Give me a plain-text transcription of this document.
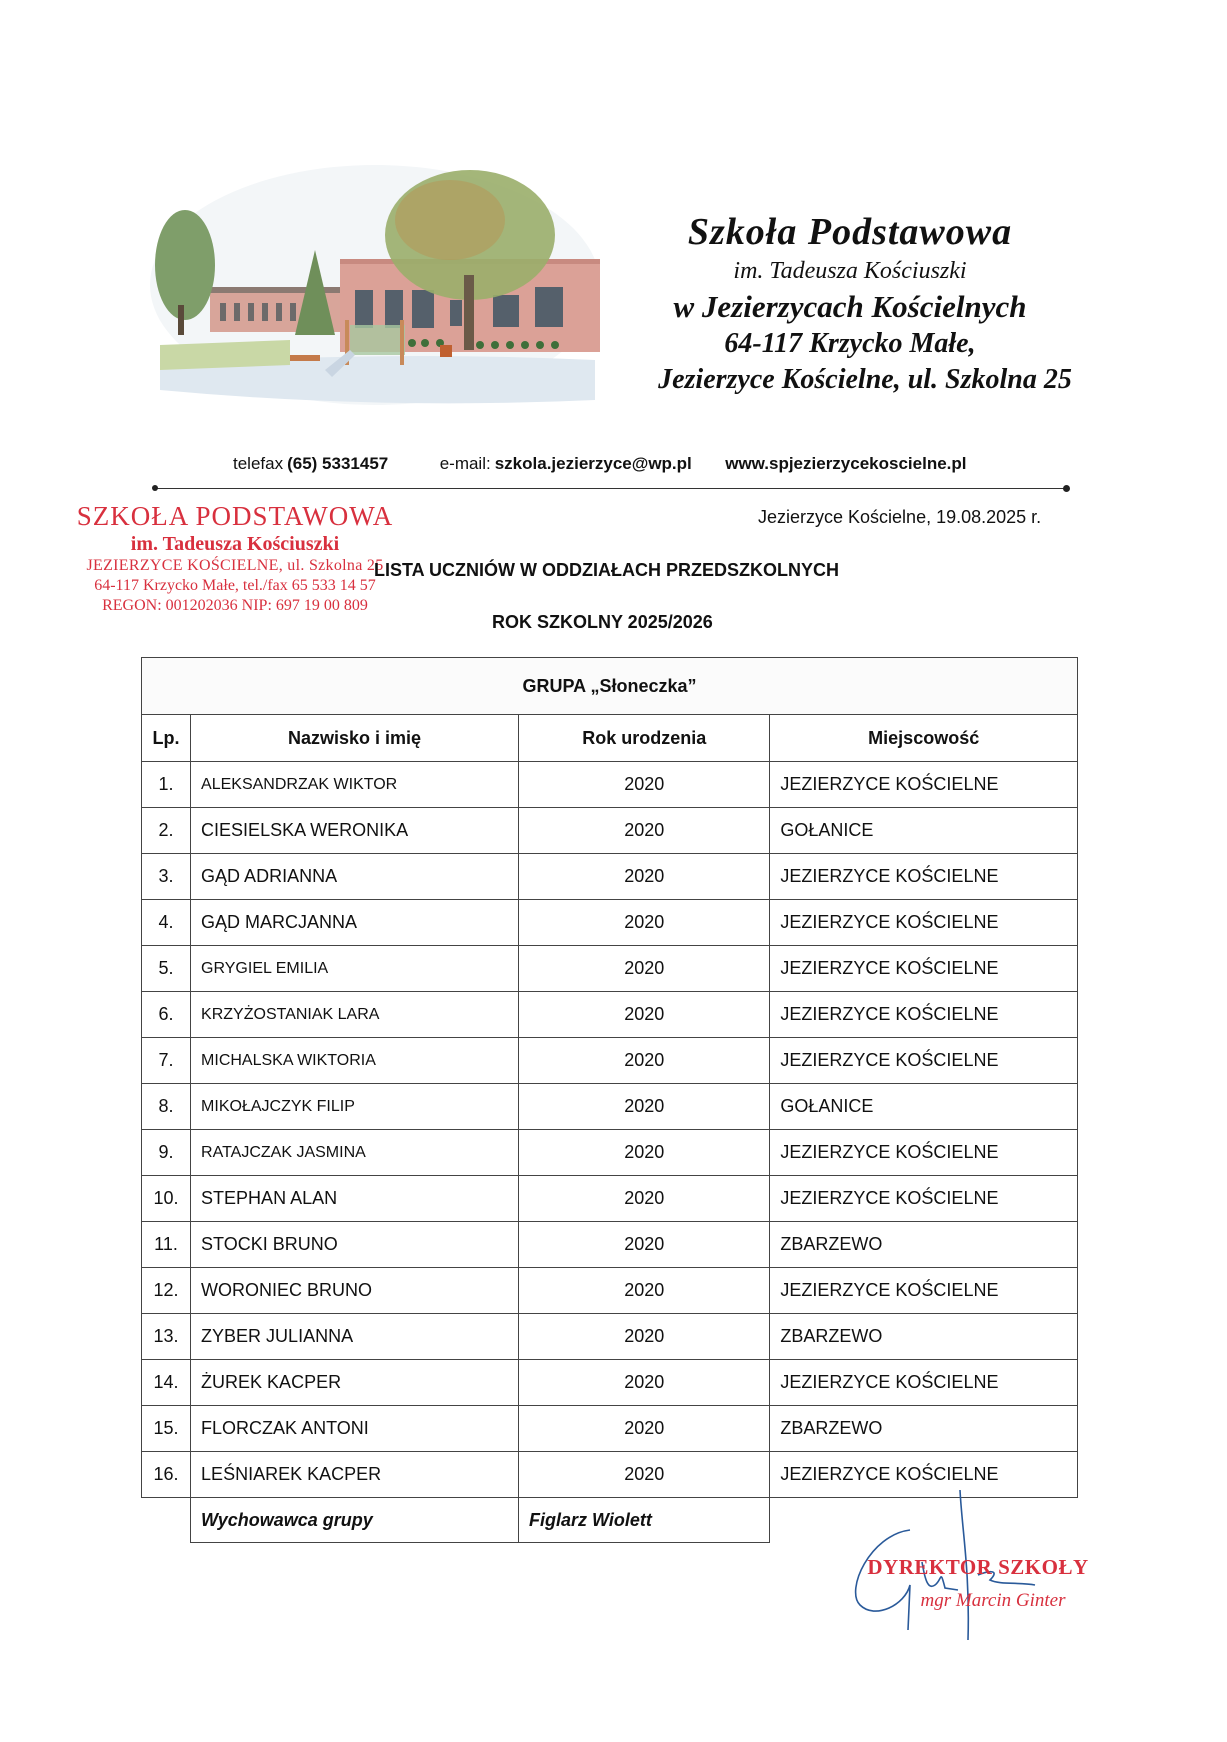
Szkoła Podstawowa
im. Tadeusza Kościuszki
w Jezierzycach Kościelnych
64-117 Krzycko Małe,
Jezierzyce Kościelne, ul. Szkolna 25
telefax (65) 5331457	e-mail: szkola.jezierzyce@wp.pl www.spjezierzycekoscielne.pl
SZKOŁA PODSTAWOWA
im. Tadeusza Kościuszki
JEZIERZYCE KOŚCIELNE, ul. Szkolna 25
64-117 Krzycko Małe, tel./fax 65 533 14 57
REGON: 001202036 NIP: 697 19 00 809
Jezierzyce Kościelne, 19.08.2025 r.
LISTA UCZNIÓW W ODDZIAŁACH PRZEDSZKOLNYCH
ROK SZKOLNY 2025/2026
GRUPA „Słoneczka”			
Lp.	Nazwisko i imię	Rok urodzenia	Miejscowość
1.	ALEKSANDRZAK WIKTOR	2020	JEZIERZYCE KOŚCIELNE
2.	CIESIELSKA WERONIKA	2020	GOŁANICE
3.	GĄD ADRIANNA	2020	JEZIERZYCE KOŚCIELNE
4.	GĄD MARCJANNA	2020	JEZIERZYCE KOŚCIELNE
5.	GRYGIEL EMILIA	2020	JEZIERZYCE KOŚCIELNE
6.	KRZYŻOSTANIAK LARA	2020	JEZIERZYCE KOŚCIELNE
7.	MICHALSKA WIKTORIA	2020	JEZIERZYCE KOŚCIELNE
8.	MIKOŁAJCZYK FILIP	2020	GOŁANICE
9.	RATAJCZAK JASMINA	2020	JEZIERZYCE KOŚCIELNE
10.	STEPHAN ALAN	2020	JEZIERZYCE KOŚCIELNE
11.	STOCKI BRUNO	2020	ZBARZEWO
12.	WORONIEC BRUNO	2020	JEZIERZYCE KOŚCIELNE
13.	ZYBER JULIANNA	2020	ZBARZEWO
14.	ŻUREK KACPER	2020	JEZIERZYCE KOŚCIELNE
15.	FLORCZAK ANTONI	2020	ZBARZEWO
16.	LEŚNIAREK KACPER	2020	JEZIERZYCE KOŚCIELNE
	Wychowawca grupy	Figlarz Wiolett	
DYREKTOR SZKOŁY
mgr Marcin Ginter
